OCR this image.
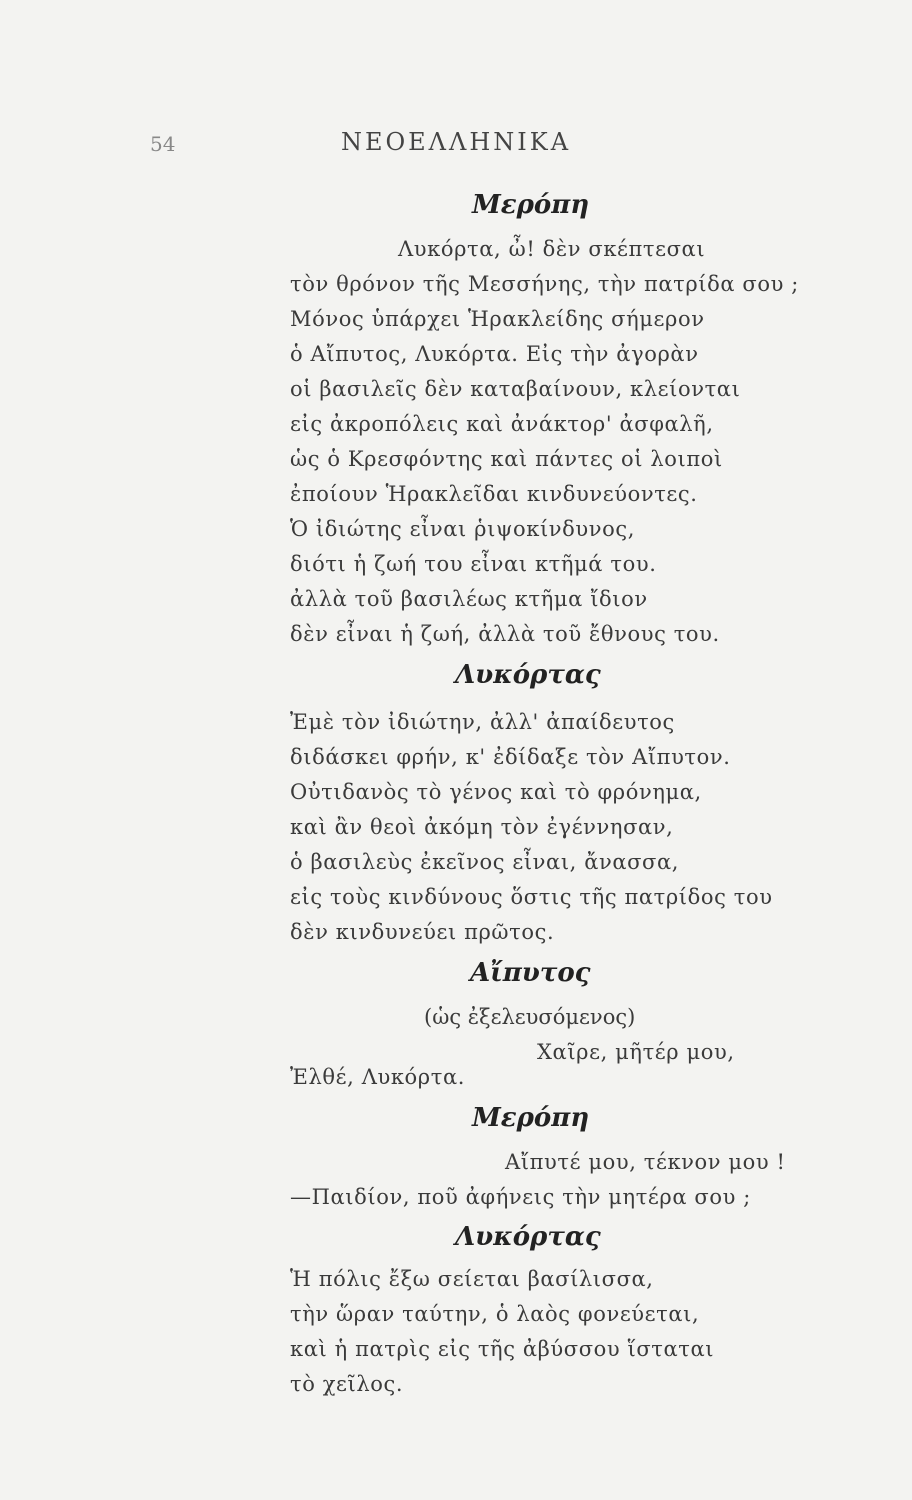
54	ΝΕΟΕΛΛΗΝΙΚΑ
Μερόπη
Λυκόρτα, ὦ! δὲν σκέπτεσαι
τὸν θρόνον τῆς Μεσσήνης, τὴν πατρίδα σου ;
Μόνος ὑπάρχει Ἡρακλείδης σήμερον
ὁ Αἴπυτος, Λυκόρτα. Εἰς τὴν ἀγορὰν
οἱ βασιλεῖς δὲν καταβαίνουν, κλείονται
εἰς ἀκροπόλεις καὶ ἀνάκτορ' ἀσφαλῆ,
ὡς ὁ Κρεσφόντης καὶ πάντες οἱ λοιποὶ
ἐποίουν Ἡρακλεῖδαι κινδυνεύοντες.
Ὁ ἰδιώτης εἶναι ῥιψοκίνδυνος,
διότι ἡ ζωή του εἶναι κτῆμά του.
ἀλλὰ τοῦ βασιλέως κτῆμα ἴδιον
δὲν εἶναι ἡ ζωή, ἀλλὰ τοῦ ἔθνους του.
Λυκόρτας
Ἐμὲ τὸν ἰδιώτην, ἀλλ' ἀπαίδευτος
διδάσκει φρήν, κ' ἐδίδαξε τὸν Αἴπυτον.
Οὐτιδανὸς τὸ γένος καὶ τὸ φρόνημα,
καὶ ἂν θεοὶ ἀκόμη τὸν ἐγέννησαν,
ὁ βασιλεὺς ἐκεῖνος εἶναι, ἄνασσα,
εἰς τοὺς κινδύνους ὅστις τῆς πατρίδος του
δὲν κινδυνεύει πρῶτος.
Αἴπυτος
(ὡς ἐξελευσόμενος)
Χαῖρε, μῆτέρ μου,
Ἐλθέ, Λυκόρτα.
Μερόπη
Αἴπυτέ μου, τέκνον μου !
—Παιδίον, ποῦ ἀφήνεις τὴν μητέρα σου ;
Λυκόρτας
Ἡ πόλις ἔξω σείεται βασίλισσα,
τὴν ὥραν ταύτην, ὁ λαὸς φονεύεται,
καὶ ἡ πατρὶς εἰς τῆς ἀβύσσου ἵσταται
τὸ χεῖλος.
